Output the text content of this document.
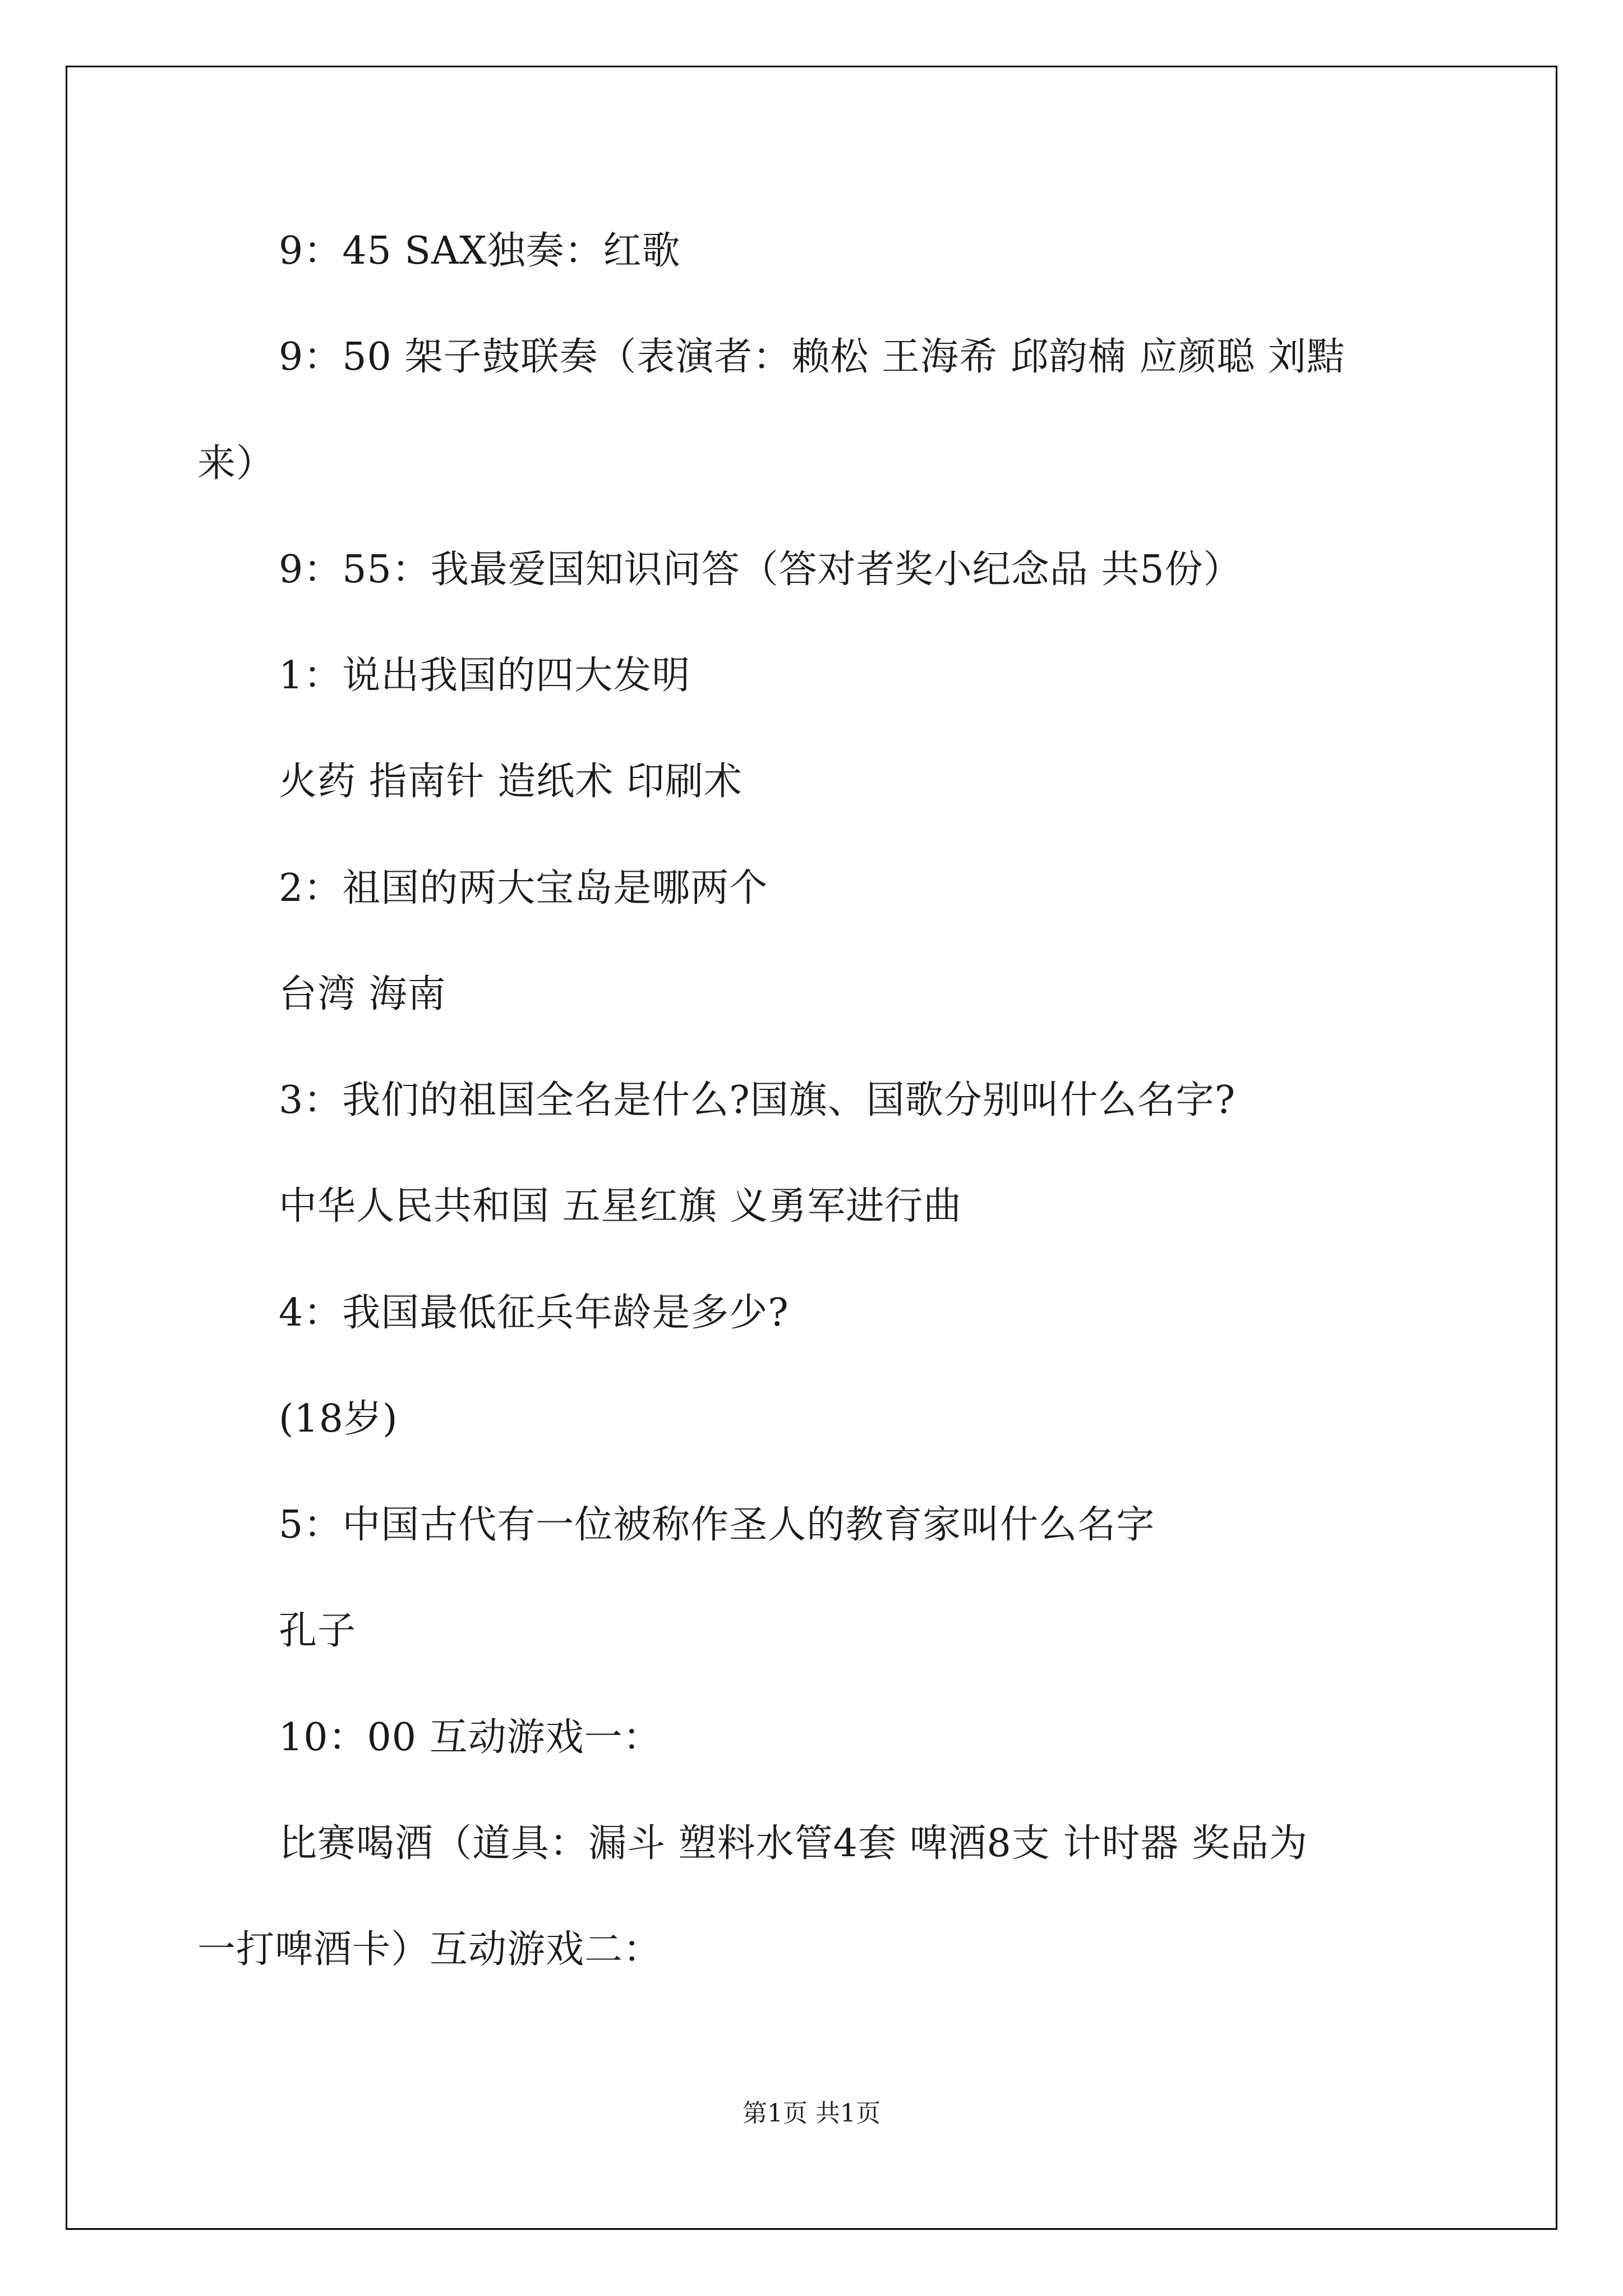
9：45 SAX独奏：红歌
9：50 架子鼓联奏（表演者：赖松 王海希 邱韵楠 应颜聪 刘黠
来）
9：55：我最爱国知识问答（答对者奖小纪念品 共5份）
1：说出我国的四大发明
火药 指南针 造纸术 印刷术
2：祖国的两大宝岛是哪两个
台湾 海南
3：我们的祖国全名是什么?国旗、国歌分别叫什么名字?
中华人民共和国 五星红旗 义勇军进行曲
4：我国最低征兵年龄是多少?
(18岁)
5：中国古代有一位被称作圣人的教育家叫什么名字
孔子
10：00 互动游戏一：
比赛喝酒（道具：漏斗 塑料水管4套 啤酒8支 计时器 奖品为
一打啤酒卡）互动游戏二：
第1页 共1页
